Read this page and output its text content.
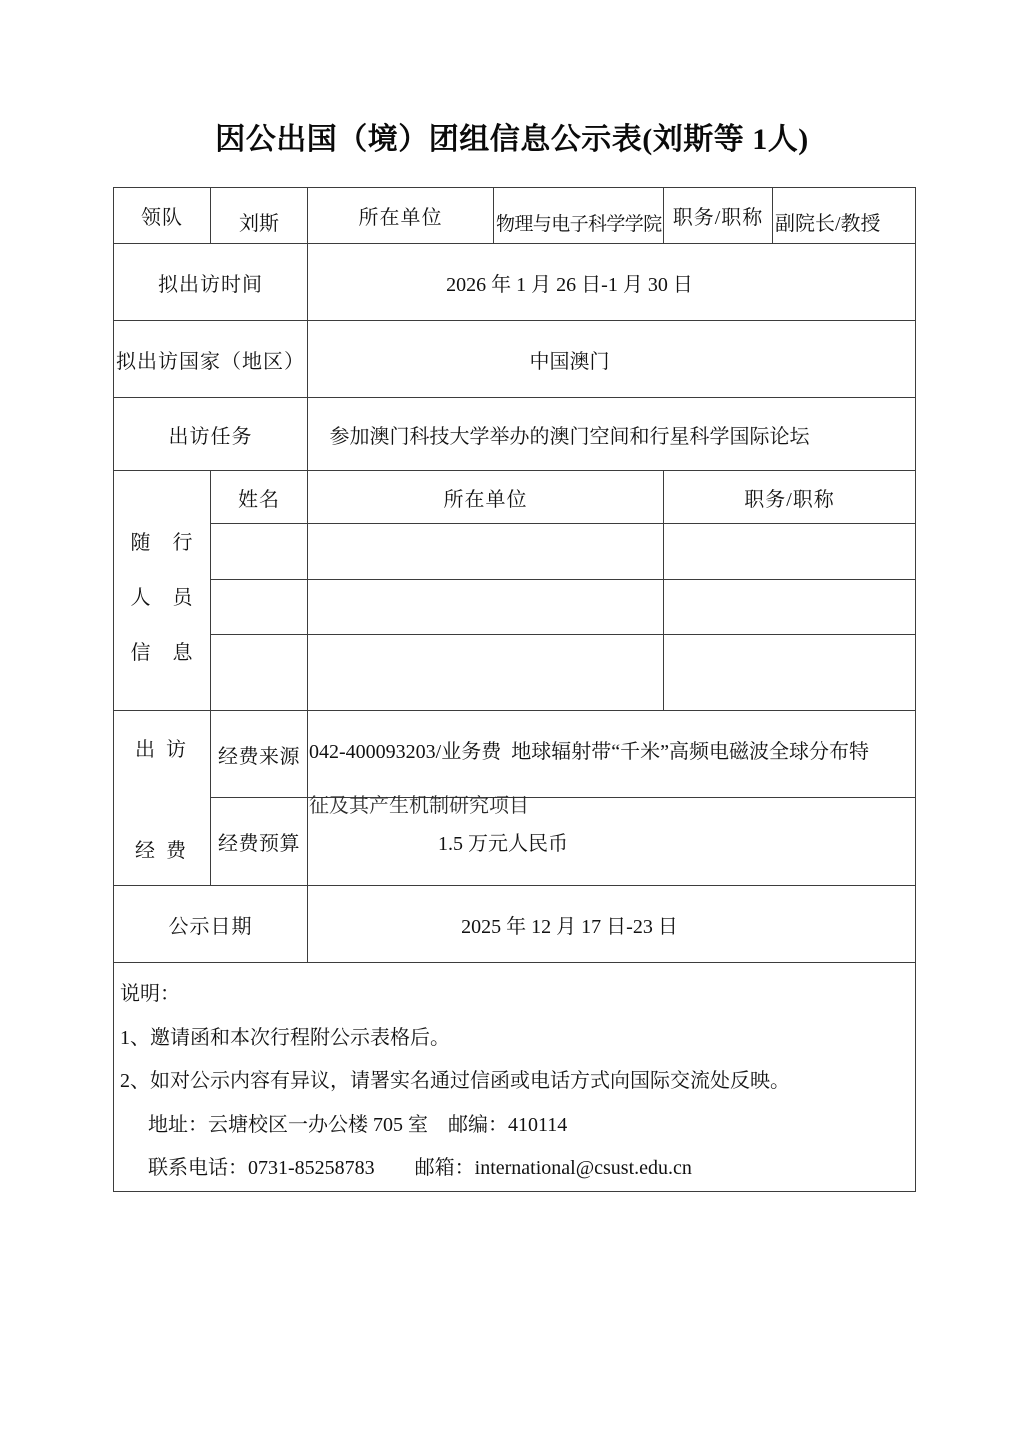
因公出国（境）团组信息公示表(刘斯等 1人)
领队	刘斯	所在单位	物理与电子科学学院	职务/职称	副院长/教授
拟出访时间		2026 年 1 月 26 日-1 月 30 日			
拟出访国家（地区）		中国澳门			
出访任务		参加澳门科技大学举办的澳门空间和行星科学国际论坛			

随　行
人　员
信　息	姓名	所在单位		职务/职称	

出 访
经 费
	经费来源	042-400093203/业务费  地球辐射带“千米”高频电磁波全球分布特
征及其产生机制研究项目

	经费预算	1.5 万元人民币			
公示日期		2025 年 12 月 17 日-23 日			

说明：
1、邀请函和本次行程附公示表格后。
2、如对公示内容有异议，请署实名通过信函或电话方式向国际交流处反映。
地址：云塘校区一办公楼 705 室　邮编：410114
联系电话：0731-85258783　　邮箱：international@csust.edu.cn					
